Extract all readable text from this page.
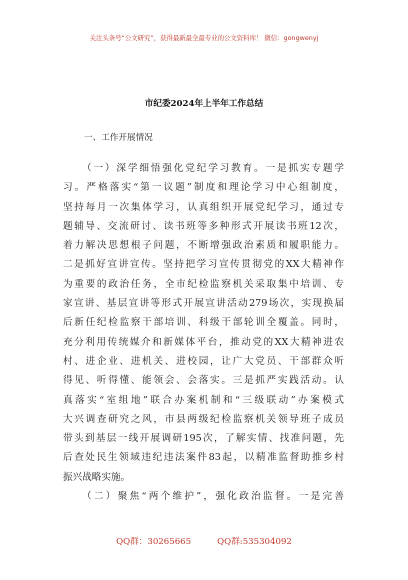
关注头条号“公文研究”，获得最新最全最专业的公文资料库！ 微信：gongwenyj
市纪委2024年上半年工作总结
一、工作开展情况
（一）深学细悟强化党纪学习教育。一是抓实专题学
习。严格落实“第一议题”制度和理论学习中心组制度，
坚持每月一次集体学习，认真组织开展党纪学习，通过专
题辅导、交流研讨、读书班等多种形式开展读书班12次，
着力解决思想根子问题，不断增强政治素质和履职能力。
二是抓好宣讲宣传。坚持把学习宣传贯彻党的XX大精神作
为重要的政治任务，全市纪检监察机关采取集中培训、专
家宣讲、基层宣讲等形式开展宣讲活动279场次，实现换届
后新任纪检监察干部培训、科级干部轮训全覆盖。同时，
充分利用传统媒介和新媒体平台，推动党的XX大精神进农
村、进企业、进机关、进校园，让广大党员、干部群众听
得见、听得懂、能领会、会落实。三是抓严实践活动。认
真落实“室组地”联合办案机制和“三级联动”办案模式
大兴调查研究之风，市县两级纪检监察机关领导班子成员
带头到基层一线开展调研195次，了解实情、找准问题，先
后查处民生领域违纪违法案件83起，以精准监督助推乡村
振兴战略实施。
（二）聚焦“两个维护”，强化政治监督。一是完善
QQ群：30265665	QQ群:535304092
